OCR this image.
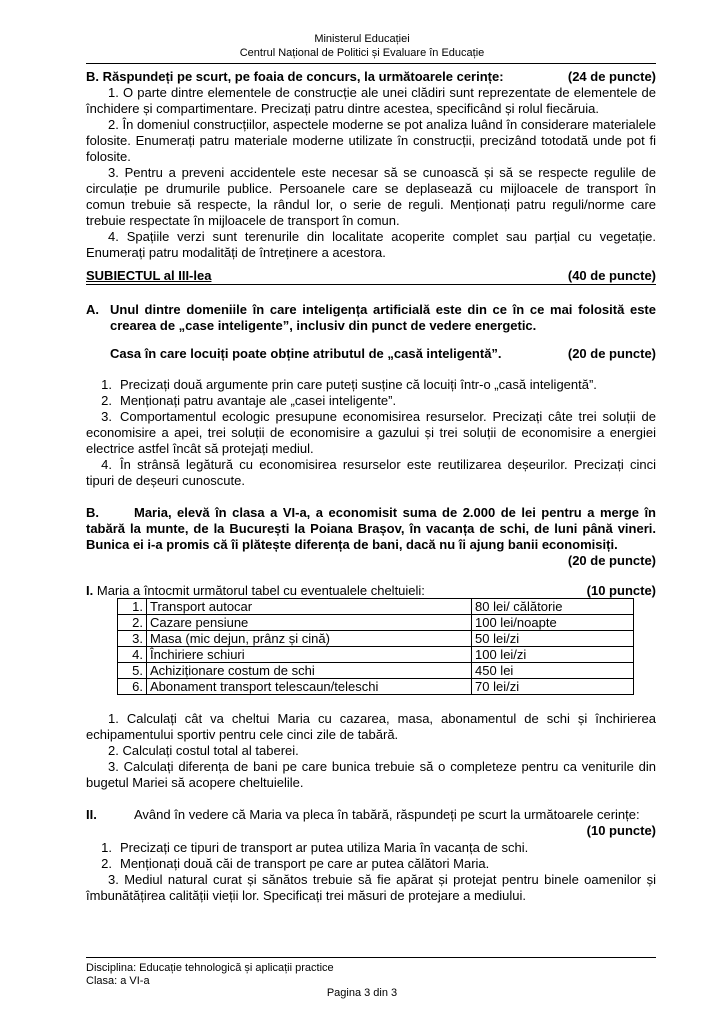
Ministerul Educației
Centrul Național de Politici și Evaluare în Educație
B. Răspundeți pe scurt, pe foaia de concurs, la următoarele cerințe:	(24 de puncte)
1. O parte dintre elementele de construcție ale unei clădiri sunt reprezentate de elementele de închidere și compartimentare. Precizați patru dintre acestea, specificând și rolul fiecăruia.
2. În domeniul construcțiilor, aspectele moderne se pot analiza luând în considerare materialele folosite. Enumerați patru materiale moderne utilizate în construcții, precizând totodată unde pot fi folosite.
3. Pentru a preveni accidentele este necesar să se cunoască și să se respecte regulile de circulație pe drumurile publice. Persoanele care se deplasează cu mijloacele de transport în comun trebuie să respecte, la rândul lor, o serie de reguli. Menționați patru reguli/norme care trebuie respectate în mijloacele de transport în comun.
4. Spațiile verzi sunt terenurile din localitate acoperite complet sau parțial cu vegetație. Enumerați patru modalități de întreținere a acestora.
SUBIECTUL al III-lea	(40 de puncte)
A. Unul dintre domeniile în care inteligența artificială este din ce în ce mai folosită este crearea de „case inteligente”, inclusiv din punct de vedere energetic.
Casa în care locuiți poate obține atributul de „casă inteligentă”.	(20 de puncte)
1. Precizați două argumente prin care puteți susține că locuiți într-o „casă inteligentă”.
2. Menționați patru avantaje ale „casei inteligente”.
3. Comportamentul ecologic presupune economisirea resurselor. Precizați câte trei soluții de economisire a apei, trei soluții de economisire a gazului și trei soluții de economisire a energiei electrice astfel încât să protejați mediul.
4. În strânsă legătură cu economisirea resurselor este reutilizarea deșeurilor. Precizați cinci tipuri de deșeuri cunoscute.
B.	Maria, elevă în clasa a VI-a, a economisit suma de 2.000 de lei pentru a merge în tabără la munte, de la București la Poiana Brașov, în vacanța de schi, de luni până vineri. Bunica ei i-a promis că îi plătește diferența de bani, dacă nu îi ajung banii economisiți.
(20 de puncte)
I. Maria a întocmit următorul tabel cu eventualele cheltuieli:	(10 puncte)
1.	Transport autocar	80 lei/ călătorie
2.	Cazare pensiune	100 lei/noapte
3.	Masa (mic dejun, prânz și cină)	50 lei/zi
4.	Închiriere schiuri	100 lei/zi
5.	Achiziționare costum de schi	450 lei
6.	Abonament transport telescaun/teleschi	70 lei/zi
1. Calculați cât va cheltui Maria cu cazarea, masa, abonamentul de schi și închirierea echipamentului sportiv pentru cele cinci zile de tabără.
2. Calculați costul total al taberei.
3. Calculați diferența de bani pe care bunica trebuie să o completeze pentru ca veniturile din bugetul Mariei să acopere cheltuielile.
II.	Având în vedere că Maria va pleca în tabără, răspundeți pe scurt la următoarele cerințe:
(10 puncte)
1. Precizați ce tipuri de transport ar putea utiliza Maria în vacanța de schi.
2. Menționați două căi de transport pe care ar putea călători Maria.
3. Mediul natural curat și sănătos trebuie să fie apărat și protejat pentru binele oamenilor și îmbunătățirea calității vieții lor. Specificați trei măsuri de protejare a mediului.
Disciplina: Educație tehnologică și aplicații practice
Clasa: a VI-a
Pagina 3 din 3
